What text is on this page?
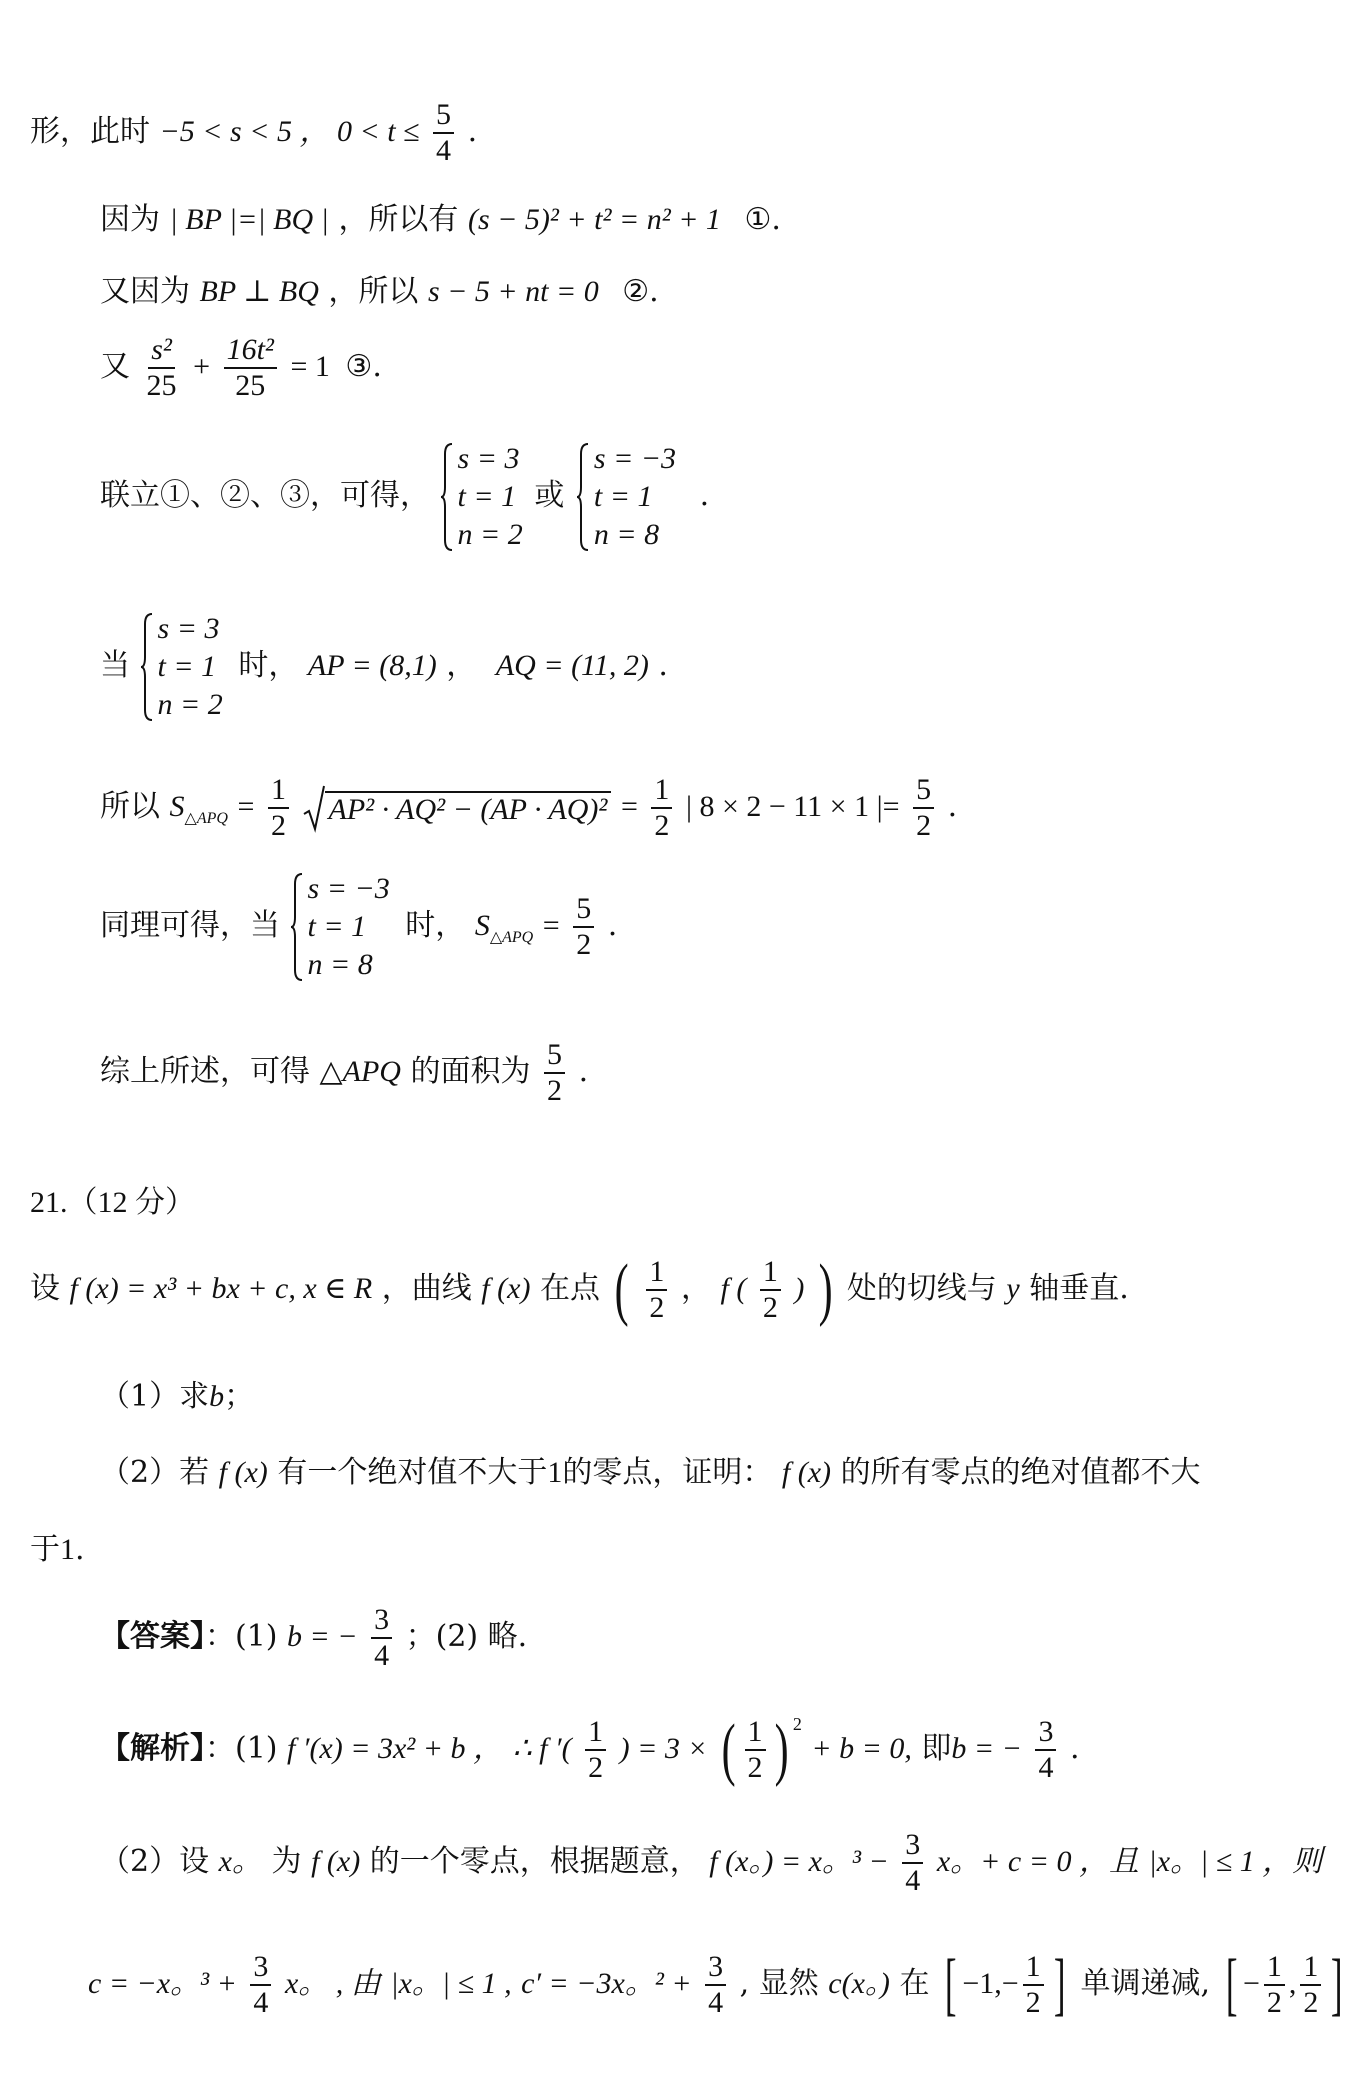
形，此时 −5 < s < 5 ， $0 < t \le \frac{5}{4}$ .
因为 | BP |=| BQ | ，所以有 (s − 5)² + t² = n² + 1 ①.
又因为 BP ⊥ BQ ，所以 s − 5 + nt = 0 ②.
又 $\frac{\text{s²}}{25} + \frac{\text{16t²}}{25} = 1$ ③.
联立①、②、③，可得，
s = 3
t = 1
n = 2
或
s = −3
t = 1
n = 8
.
当
s = 3
t = 1
n = 2
时， AP = (8,1) ， AQ = (11, 2) .
所以 $S_{\triangle APQ} = \frac{1}{2} AP^2 \cdot AQ^2 - (AP \cdot AQ)^2 = \frac{1}{2}$ | 8 × 2 − 11 × 1 |= $\frac{5}{2}$ .
同理可得，当
s = −3
t = 1
n = 8
时， $S_{\triangle APQ} = \frac{5}{2}$ .
综上所述，可得 △APQ 的面积为 $\frac{5}{2}$ .
21.（12 分）
设 f (x) = x³ + bx + c, x ∈ R ，曲线 f (x) 在点 ( $\frac{1}{2}$ ， f ( $\frac{1}{2}$ ) ) 处的切线与 y 轴垂直.
（1）求b；
（2）若 f (x) 有一个绝对值不大于1的零点，证明： f (x) 的所有零点的绝对值都不大
于1.
【答案】：(1) b = − $\frac{3}{4}$ ；(2) 略.
【解析】：(1) f ′(x) = 3x² + b ， ∴ f ′( $\frac{1}{2}$ ) = 3 × ( $\frac{1}{2}$ ) $^2$ + b = 0, 即b = − $\frac{3}{4}$ .
（2）设 x。 为 f (x) 的一个零点，根据题意， f (x。) = x。$^3 - \frac{3}{4}$ x。+ c = 0 ，且 |x。| ≤ 1 ，则
c = −x。$^3 + \frac{3}{4}$ x。 , 由 |x。| ≤ 1 , c′ = −3x。$^2 + \frac{3}{4}$ , 显然 c(x。) 在 [ $-1,- \frac{1}{2}$ ] 单调递减, [ − $\frac{1}{2}$ , $\frac{1}{2}$ ]
